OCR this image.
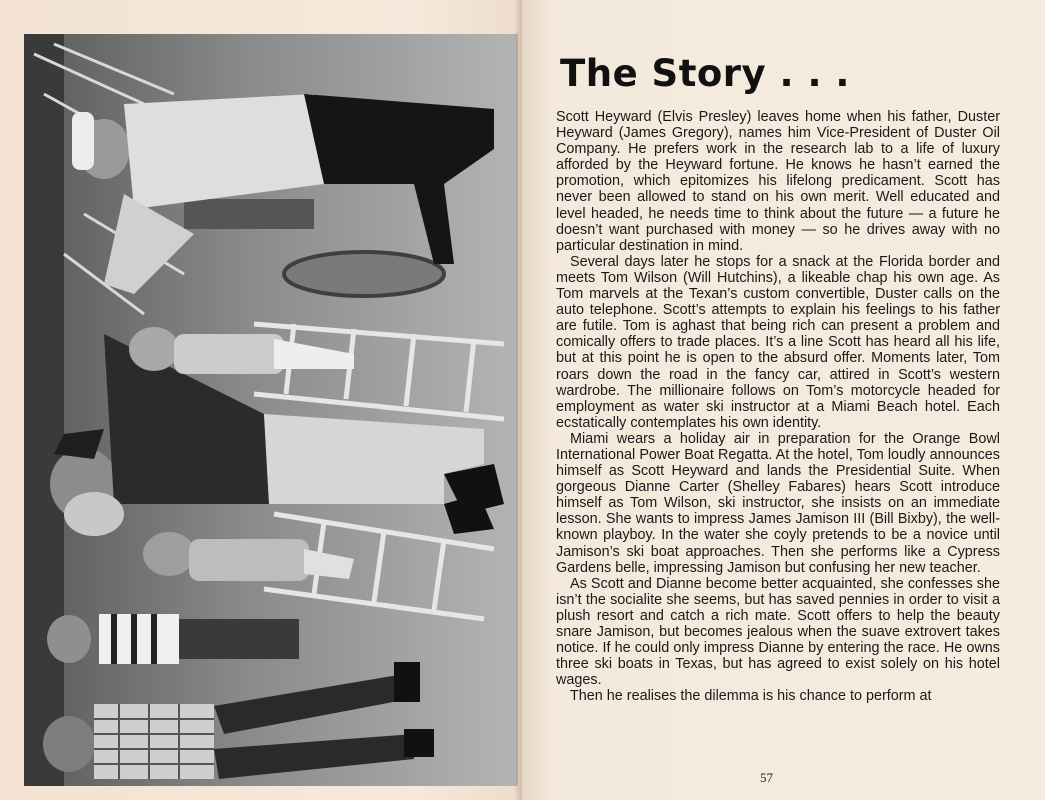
The Story . . .

Scott Heyward (Elvis Presley) leaves home when his father, Duster Heyward (James Gregory), names him Vice-President of Duster Oil Company. He prefers work in the research lab to a life of luxury afforded by the Heyward fortune. He knows he hasn’t earned the promotion, which epitomizes his lifelong predicament. Scott has never been allowed to stand on his own merit. Well educated and level headed, he needs time to think about the future — a future he doesn’t want purchased with money — so he drives away with no particular destination in mind.

Several days later he stops for a snack at the Florida border and meets Tom Wilson (Will Hutchins), a likeable chap his own age. As Tom marvels at the Texan’s custom convertible, Duster calls on the auto telephone. Scott’s attempts to explain his feelings to his father are futile. Tom is aghast that being rich can present a problem and comically offers to trade places. It’s a line Scott has heard all his life, but at this point he is open to the absurd offer. Moments later, Tom roars down the road in the fancy car, attired in Scott’s western wardrobe. The millionaire follows on Tom’s motorcycle headed for employment as water ski instructor at a Miami Beach hotel. Each ecstatically contemplates his own identity.

Miami wears a holiday air in preparation for the Orange Bowl International Power Boat Regatta. At the hotel, Tom loudly announces himself as Scott Heyward and lands the Presidential Suite. When gorgeous Dianne Carter (Shelley Fabares) hears Scott introduce himself as Tom Wilson, ski instructor, she insists on an immediate lesson. She wants to impress James Jamison III (Bill Bixby), the well-known playboy. In the water she coyly pretends to be a novice until Jamison’s ski boat approaches. Then she performs like a Cypress Gardens belle, impressing Jamison but confusing her new teacher.

As Scott and Dianne become better acquainted, she confesses she isn’t the socialite she seems, but has saved pennies in order to visit a plush resort and catch a rich mate. Scott offers to help the beauty snare Jamison, but becomes jealous when the suave extrovert takes notice. If he could only impress Dianne by entering the race. He owns three ski boats in Texas, but has agreed to exist solely on his hotel wages.

Then he realises the dilemma is his chance to perform at

57
